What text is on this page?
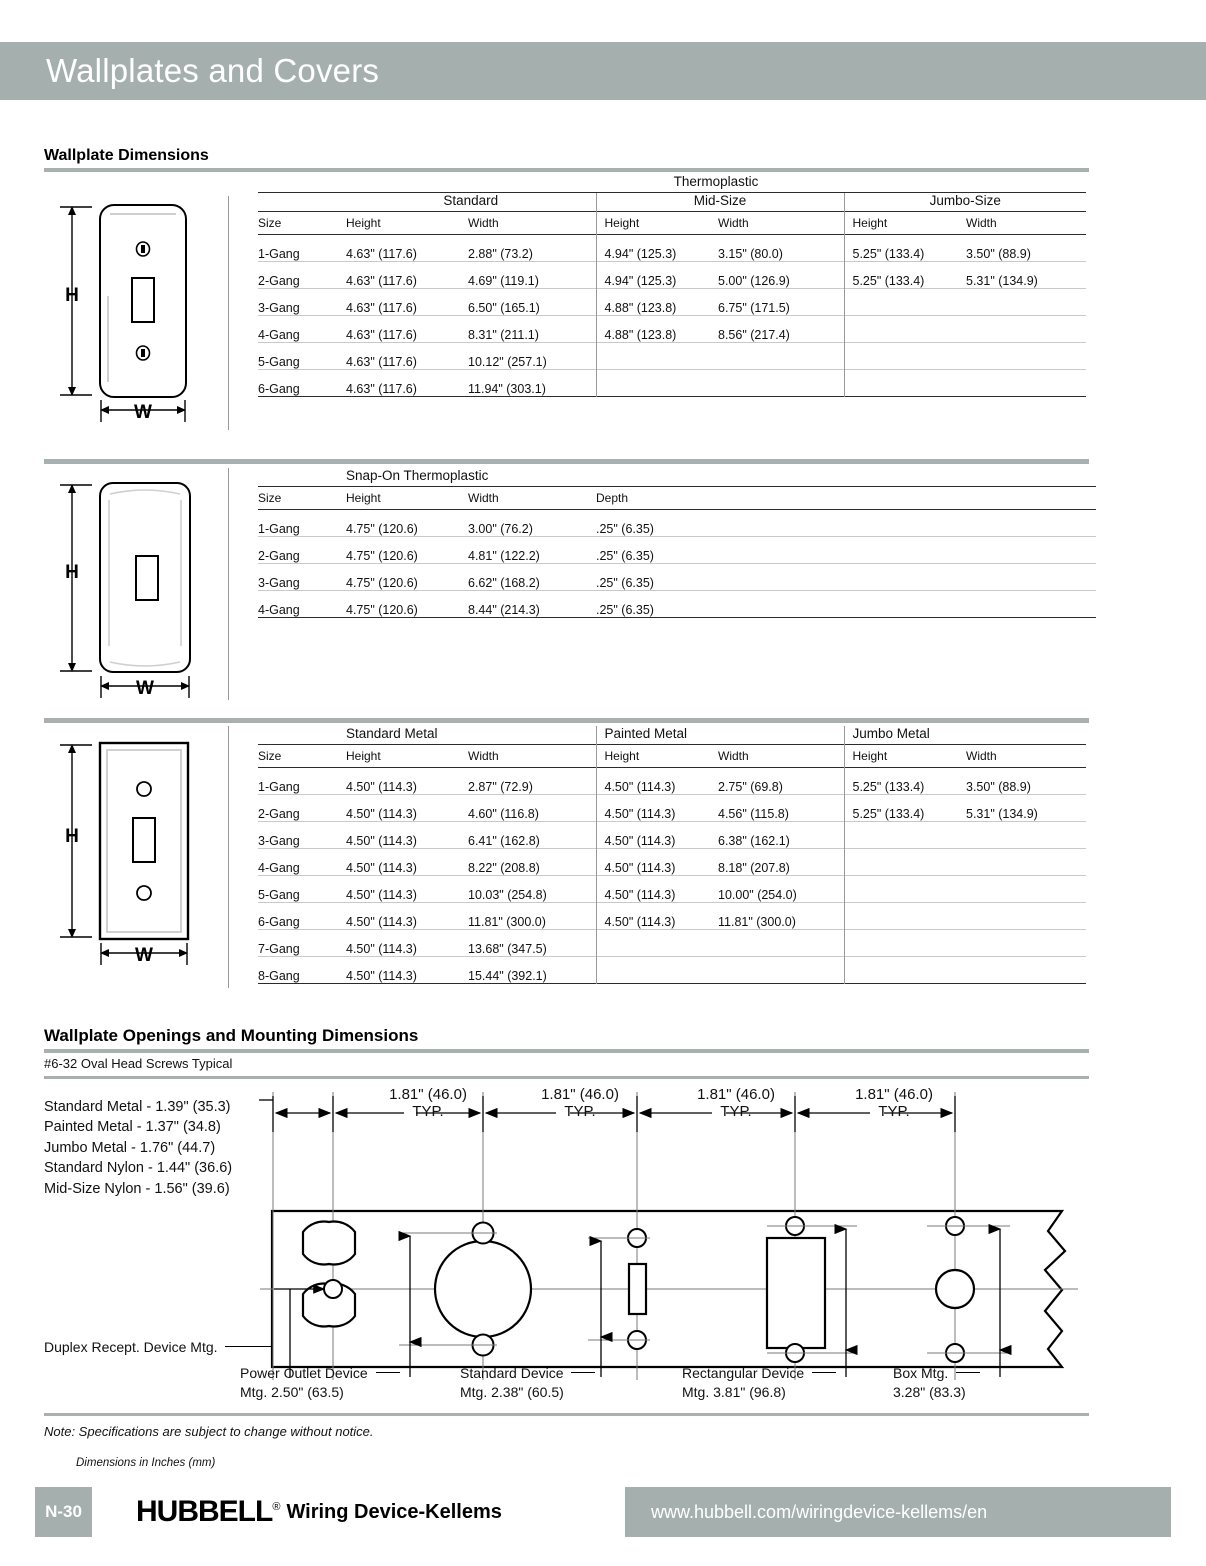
Wallplates and Covers
Wallplate Dimensions
H
W
	Thermoplastic					
	Standard		Mid-Size		Jumbo-Size	
Size	Height	Width	Height	Width	Height	Width
1-Gang	4.63" (117.6)	2.88" (73.2)	4.94" (125.3)	3.15" (80.0)	5.25" (133.4)	3.50" (88.9)
2-Gang	4.63" (117.6)	4.69" (119.1)	4.94" (125.3)	5.00" (126.9)	5.25" (133.4)	5.31" (134.9)
3-Gang	4.63" (117.6)	6.50" (165.1)	4.88" (123.8)	6.75" (171.5)		
4-Gang	4.63" (117.6)	8.31" (211.1)	4.88" (123.8)	8.56" (217.4)		
5-Gang	4.63" (117.6)	10.12" (257.1)				
6-Gang	4.63" (117.6)	11.94" (303.1)				

H
W
	Snap-On Thermoplastic		
Size	Height	Width	Depth
1-Gang	4.75" (120.6)	3.00" (76.2)	.25" (6.35)
2-Gang	4.75" (120.6)	4.81" (122.2)	.25" (6.35)
3-Gang	4.75" (120.6)	6.62" (168.2)	.25" (6.35)
4-Gang	4.75" (120.6)	8.44" (214.3)	.25" (6.35)

H
W
	Standard Metal		Painted Metal		Jumbo Metal	
Size	Height	Width	Height	Width	Height	Width
1-Gang	4.50" (114.3)	2.87" (72.9)	4.50" (114.3)	2.75" (69.8)	5.25" (133.4)	3.50" (88.9)
2-Gang	4.50" (114.3)	4.60" (116.8)	4.50" (114.3)	4.56" (115.8)	5.25" (133.4)	5.31" (134.9)
3-Gang	4.50" (114.3)	6.41" (162.8)	4.50" (114.3)	6.38" (162.1)		
4-Gang	4.50" (114.3)	8.22" (208.8)	4.50" (114.3)	8.18" (207.8)		
5-Gang	4.50" (114.3)	10.03" (254.8)	4.50" (114.3)	10.00" (254.0)		
6-Gang	4.50" (114.3)	11.81" (300.0)	4.50" (114.3)	11.81" (300.0)		
7-Gang	4.50" (114.3)	13.68" (347.5)				
8-Gang	4.50" (114.3)	15.44" (392.1)				

Wallplate Openings and Mounting Dimensions
#6-32 Oval Head Screws Typical
Standard Metal - 1.39" (35.3)
Painted Metal - 1.37" (34.8)
Jumbo Metal - 1.76" (44.7)
Standard Nylon - 1.44" (36.6)
Mid-Size Nylon - 1.56" (39.6)
1.81" (46.0)
TYP.
1.81" (46.0)
TYP.
1.81" (46.0)
TYP.
1.81" (46.0)
TYP.
Duplex Recept. Device Mtg.
Power Outlet Device
Mtg. 2.50" (63.5)
Standard Device
Mtg. 2.38" (60.5)
Rectangular Device
Mtg. 3.81" (96.8)
Box Mtg.
3.28" (83.3)
Note: Specifications are subject to change without notice.
Dimensions in Inches (mm)
N-30	HUBBELL® Wiring Device-Kellems	www.hubbell.com/wiringdevice-kellems/en
